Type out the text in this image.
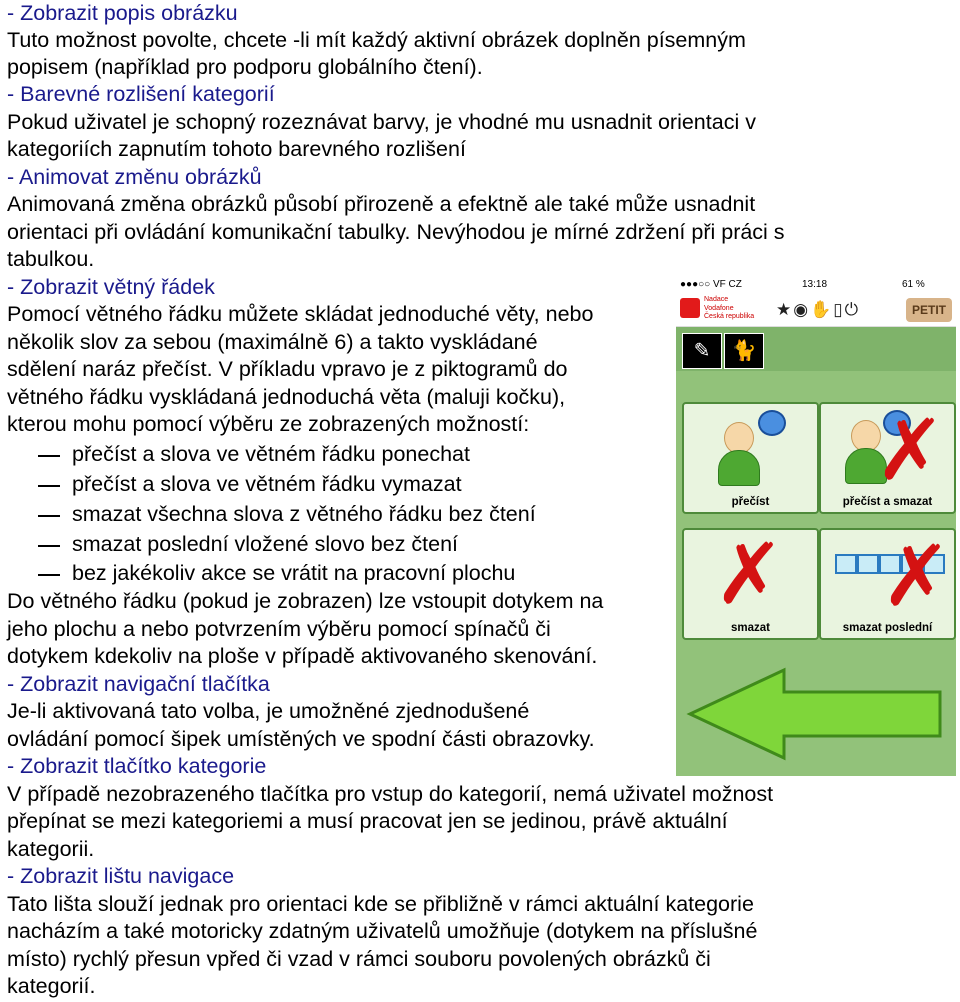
- Zobrazit popis obrázku
Tuto možnost povolte, chcete -li mít každý aktivní obrázek doplněn písemným
popisem (například pro podporu globálního čtení).
- Barevné rozlišení kategorií
Pokud uživatel je schopný rozeznávat barvy, je vhodné mu usnadnit orientaci v
kategoriích zapnutím tohoto barevného rozlišení
- Animovat změnu obrázků
Animovaná změna obrázků působí přirozeně a efektně ale také může usnadnit
orientaci při ovládání komunikační tabulky. Nevýhodou je mírné zdržení při práci s
tabulkou.
- Zobrazit větný řádek
Pomocí větného řádku můžete skládat jednoduché věty, nebo
několik slov za sebou (maximálně 6) a takto vyskládané
sdělení naráz přečíst. V příkladu vpravo je z piktogramů do
větného řádku vyskládaná jednoduchá věta (maluji kočku),
kterou mohu pomocí výběru ze zobrazených možností:
přečíst a slova ve větném řádku ponechat
přečíst a slova ve větném řádku vymazat
smazat všechna slova z větného řádku bez čtení
smazat poslední vložené slovo bez čtení
bez jakékoliv akce se vrátit na pracovní plochu
Do větného řádku (pokud je zobrazen) lze vstoupit dotykem na
jeho plochu a nebo potvrzením výběru pomocí spínačů či
dotykem kdekoliv na ploše v případě aktivovaného skenování.
- Zobrazit navigační tlačítka
Je-li aktivovaná tato volba, je umožněné zjednodušené
ovládání pomocí šipek umístěných ve spodní části obrazovky.
- Zobrazit tlačítko kategorie
V případě nezobrazeného tlačítka pro vstup do kategorií, nemá uživatel možnost
přepínat se mezi kategoriemi a musí pracovat jen se jedinou, právě aktuální
kategorii.
- Zobrazit lištu navigace
Tato lišta slouží jednak pro orientaci kde se přibližně v rámci aktuální kategorie
nacházím a také motoricky zdatným uživatelů umožňuje (dotykem na příslušné
místo) rychlý přesun vpřed či vzad v rámci souboru povolených obrázků či
kategorií.
●●●○○ VF CZ	13:18	61 %
Nadace
Vodafone
Česká republika ★◉✋▯⏻	PETIT
✎	🐈
přečíst
✗
přečíst a smazat
✗
smazat
✗
smazat poslední
